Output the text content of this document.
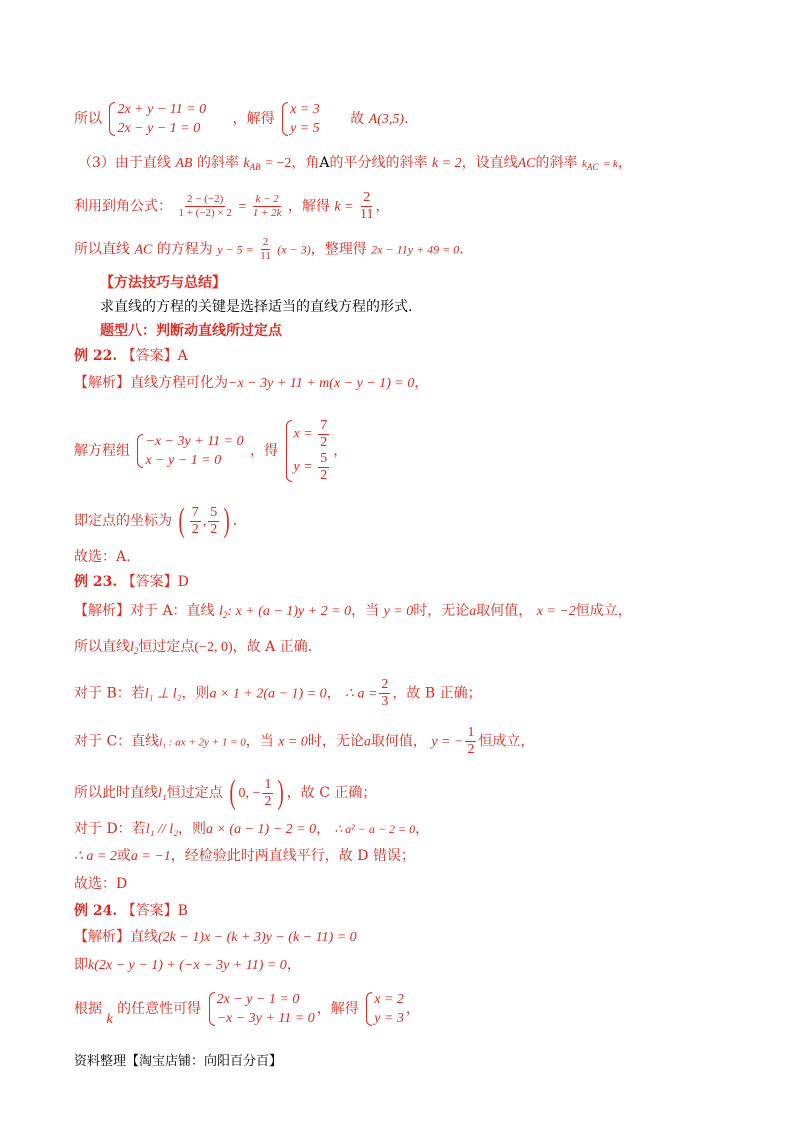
所以
2x + y − 11 = 0
2x − y − 1 = 0
，解得
x = 3
y = 5
故 A(3,5).
（3）由于直线 AB 的斜率 $k_{AB} = -2$，角A的平分线的斜率 k = 2，设直线AC的斜率 $k_{AC} = k$，
利用到角公式： $\frac{2 - (-2)}{1 + (-2) \times 2} = \frac{k - 2}{1 + 2k}$ ，解得 $k = \frac{2}{11}$ ，
所以直线 AC 的方程为 $y - 5 = \frac{2}{11} (x - 3)$，整理得 2x − 11y + 49 = 0.
【方法技巧与总结】
求直线的方程的关键是选择适当的直线方程的形式.
题型八：判断动直线所过定点
例 22. 【答案】A
【解析】直线方程可化为−x − 3y + 11 + m(x − y − 1) = 0，
解方程组
−x − 3y + 11 = 0
x − y − 1 = 0
，得
$x = \frac{7}{2}$
$y = \frac{5}{2}$ ，
即定点的坐标为 ( $\frac{7}{2}$ , $\frac{5}{2}$ ) .
故选：A.
例 23. 【答案】D
【解析】对于 A：直线 $l_2$: x + (a − 1)y + 2 = 0，当 y = 0时，无论a取何值， x = −2恒成立，
所以直线$l_2$恒过定点(−2, 0)，故 A 正确.
对于 B：若l₁ ⊥ l₂，则a × 1 + 2(a − 1) = 0， ∴ $a = \frac{2}{3}$ ，故 B 正确；
对于 C：直线l₁ : ax + 2y + 1 = 0，当 x = 0时，无论a取何值， y = − $\frac{1}{2}$ 恒成立，
所以此时直线l₁恒过定点 ( 0, − $\frac{1}{2}$ ) ，故 C 正确；
对于 D：若l₁ // l₂，则a × (a − 1) − 2 = 0， ∴ a² − a − 2 = 0，
∴ a = 2或a = −1，经检验此时两直线平行，故 D 错误；
故选：D
例 24. 【答案】B
【解析】直线(2k − 1)x − (k + 3)y − (k − 11) = 0
即k(2x − y − 1) + (−x − 3y + 11) = 0，
根据 k 的任意性可得
2x − y − 1 = 0
−x − 3y + 11 = 0
，解得
x = 2
y = 3
，
资料整理【淘宝店铺：向阳百分百】
